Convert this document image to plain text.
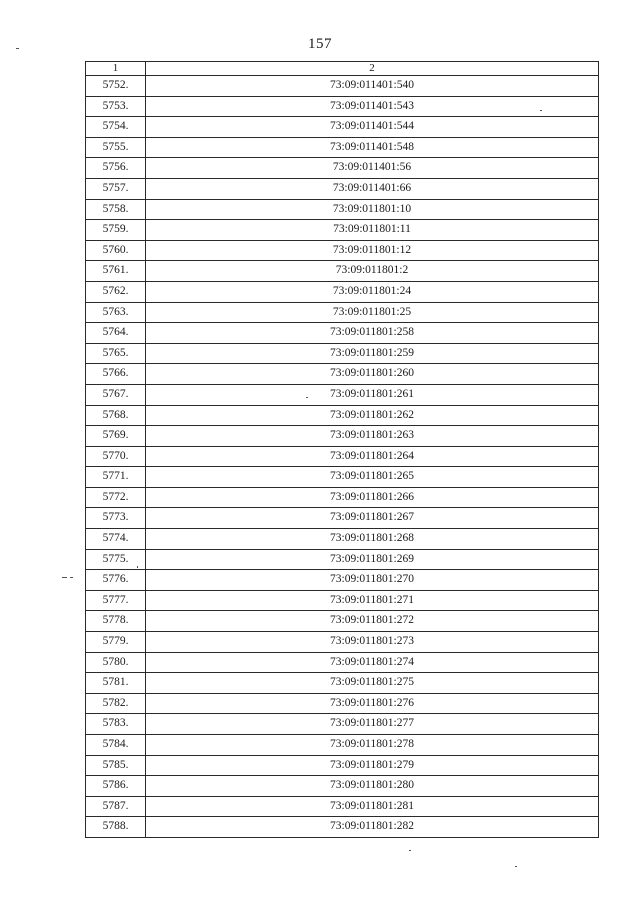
157
1	2
5752.	73:09:011401:540
5753.	73:09:011401:543
5754.	73:09:011401:544
5755.	73:09:011401:548
5756.	73:09:011401:56
5757.	73:09:011401:66
5758.	73:09:011801:10
5759.	73:09:011801:11
5760.	73:09:011801:12
5761.	73:09:011801:2
5762.	73:09:011801:24
5763.	73:09:011801:25
5764.	73:09:011801:258
5765.	73:09:011801:259
5766.	73:09:011801:260
5767.	73:09:011801:261
5768.	73:09:011801:262
5769.	73:09:011801:263
5770.	73:09:011801:264
5771.	73:09:011801:265
5772.	73:09:011801:266
5773.	73:09:011801:267
5774.	73:09:011801:268
5775.	73:09:011801:269
5776.	73:09:011801:270
5777.	73:09:011801:271
5778.	73:09:011801:272
5779.	73:09:011801:273
5780.	73:09:011801:274
5781.	73:09:011801:275
5782.	73:09:011801:276
5783.	73:09:011801:277
5784.	73:09:011801:278
5785.	73:09:011801:279
5786.	73:09:011801:280
5787.	73:09:011801:281
5788.	73:09:011801:282
